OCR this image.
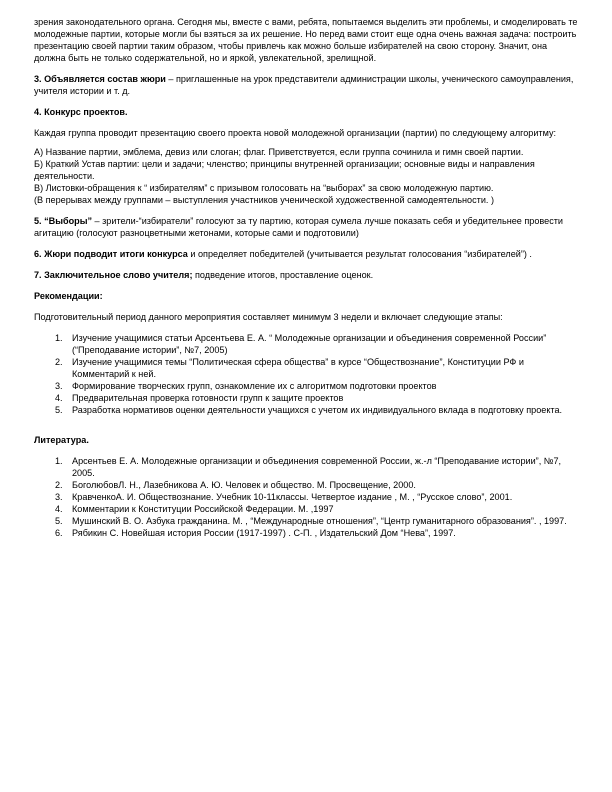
зрения законодательного органа. Сегодня мы, вместе с вами, ребята, попытаемся выделить эти проблемы, и смоделировать те молодежные партии, которые могли бы взяться за их решение. Но перед вами стоит еще одна очень важная задача: построить презентацию своей партии таким образом, чтобы привлечь как можно больше избирателей на свою сторону. Значит, она должна быть не только содержательной, но и яркой, увлекательной, зрелищной.

3. Объявляется состав жюри – приглашенные на урок представители администрации школы, ученического самоуправления, учителя истории и т. д.

4. Конкурс проектов.

Каждая группа проводит презентацию своего проекта новой молодежной организации (партии) по следующему алгоритму:

А) Название партии, эмблема, девиз или слоган; флаг. Приветствуется, если группа сочинила и гимн своей партии.

Б) Краткий Устав партии: цели и задачи; членство; принципы внутренней организации; основные виды и направления деятельности.

В) Листовки-обращения к “ избирателям” с призывом голосовать на “выборах” за свою молодежную партию.

(В перерывах между группами – выступления участников ученической художественной самодеятельности. )

5. “Выборы” – зрители-“избиратели” голосуют за ту партию, которая сумела лучше показать себя и убедительнее провести агитацию (голосуют разноцветными жетонами, которые сами и подготовили)

6. Жюри подводит итоги конкурса и определяет победителей (учитывается результат голосования “избирателей”) .

7. Заключительное слово учителя; подведение итогов, проставление оценок.

Рекомендации:

Подготовительный период данного мероприятия составляет минимум 3 недели и включает следующие этапы:

1. Изучение учащимися статьи Арсентьева Е. А. “ Молодежные организации и объединения современной России” (“Преподавание истории”, №7, 2005)
2. Изучение учащимися темы “Политическая сфера общества” в курсе “Обществознание”, Конституции РФ и Комментарий к ней.
3. Формирование творческих групп, ознакомление их с алгоритмом подготовки проектов
4. Предварительная проверка готовности групп к защите проектов
5. Разработка нормативов оценки деятельности учащихся с учетом их индивидуального вклада в подготовку проекта.

Литература.

1. Арсентьев Е. А. Молодежные организации и объединения современной России, ж.-л “Преподавание истории”, №7, 2005.
2. БоголюбовЛ. Н., Лазебникова А. Ю. Человек и общество. М. Просвещение, 2000.
3. КравченкоА. И. Обществознание. Учебник 10-11классы. Четвертое издание , М. , “Русское слово”, 2001.
4. Комментарии к Конституции Российской Федерации. М. ,1997
5. Мушинский В. О. Азбука гражданина. М. , “Международные отношения”, “Центр гуманитарного образования”. , 1997.
6. Рябикин С. Новейшая история России (1917-1997) . С-П. , Издательский Дом “Нева”, 1997.
